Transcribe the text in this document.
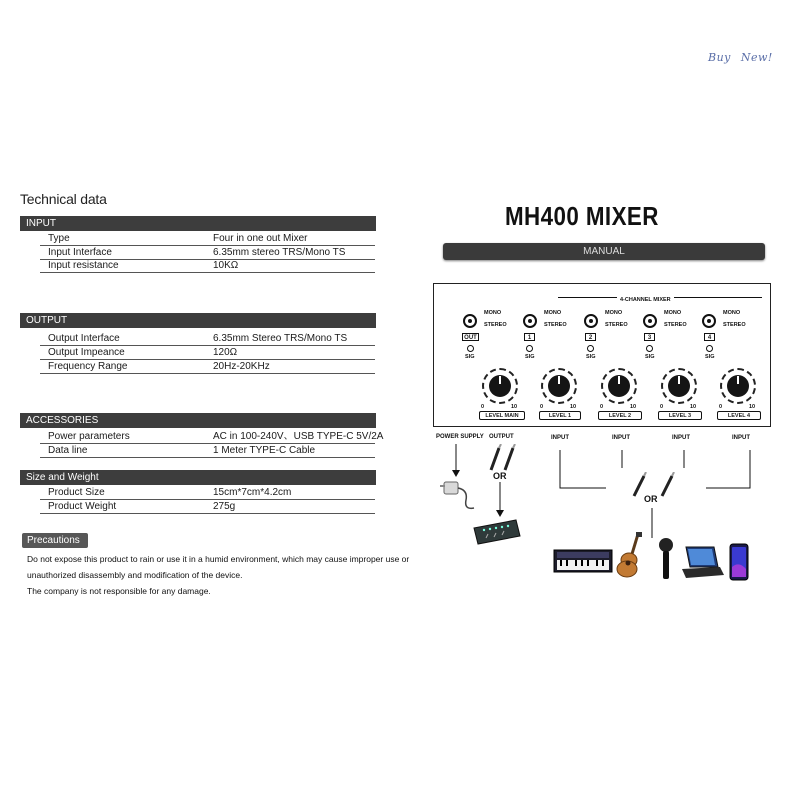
Buy New!
Technical data
INPUT
Type	Four in one out Mixer
Input Interface	6.35mm stereo TRS/Mono TS
Input resistance	10KΩ
OUTPUT
Output Interface	6.35mm Stereo TRS/Mono TS
Output Impeance	120Ω
Frequency Range	20Hz-20KHz
ACCESSORIES
Power parameters	AC in 100-240V、USB TYPE-C 5V/2A
Data line	1 Meter TYPE-C Cable
Size and Weight
Product Size	15cm*7cm*4.2cm
Product Weight	275g
Precautions
Do not expose this product to rain or use it in a humid environment, which may cause improper use or
unauthorized disassembly and modification of the device.
The company is not responsible for any damage.
MH400 MIXER
MANUAL
4-CHANNEL MIXER
MONO
STEREO
OUT
SIG
MONO
STEREO
1
SIG
MONO
STEREO
2
SIG
MONO
STEREO
3
SIG
MONO
STEREO
4
SIG
0	10
LEVEL MAIN
0	10
LEVEL 1
0	10
LEVEL 2
0	10
LEVEL 3
0	10
LEVEL 4
POWER SUPPLY OUTPUT	INPUT	INPUT	INPUT	INPUT
OR
OR
